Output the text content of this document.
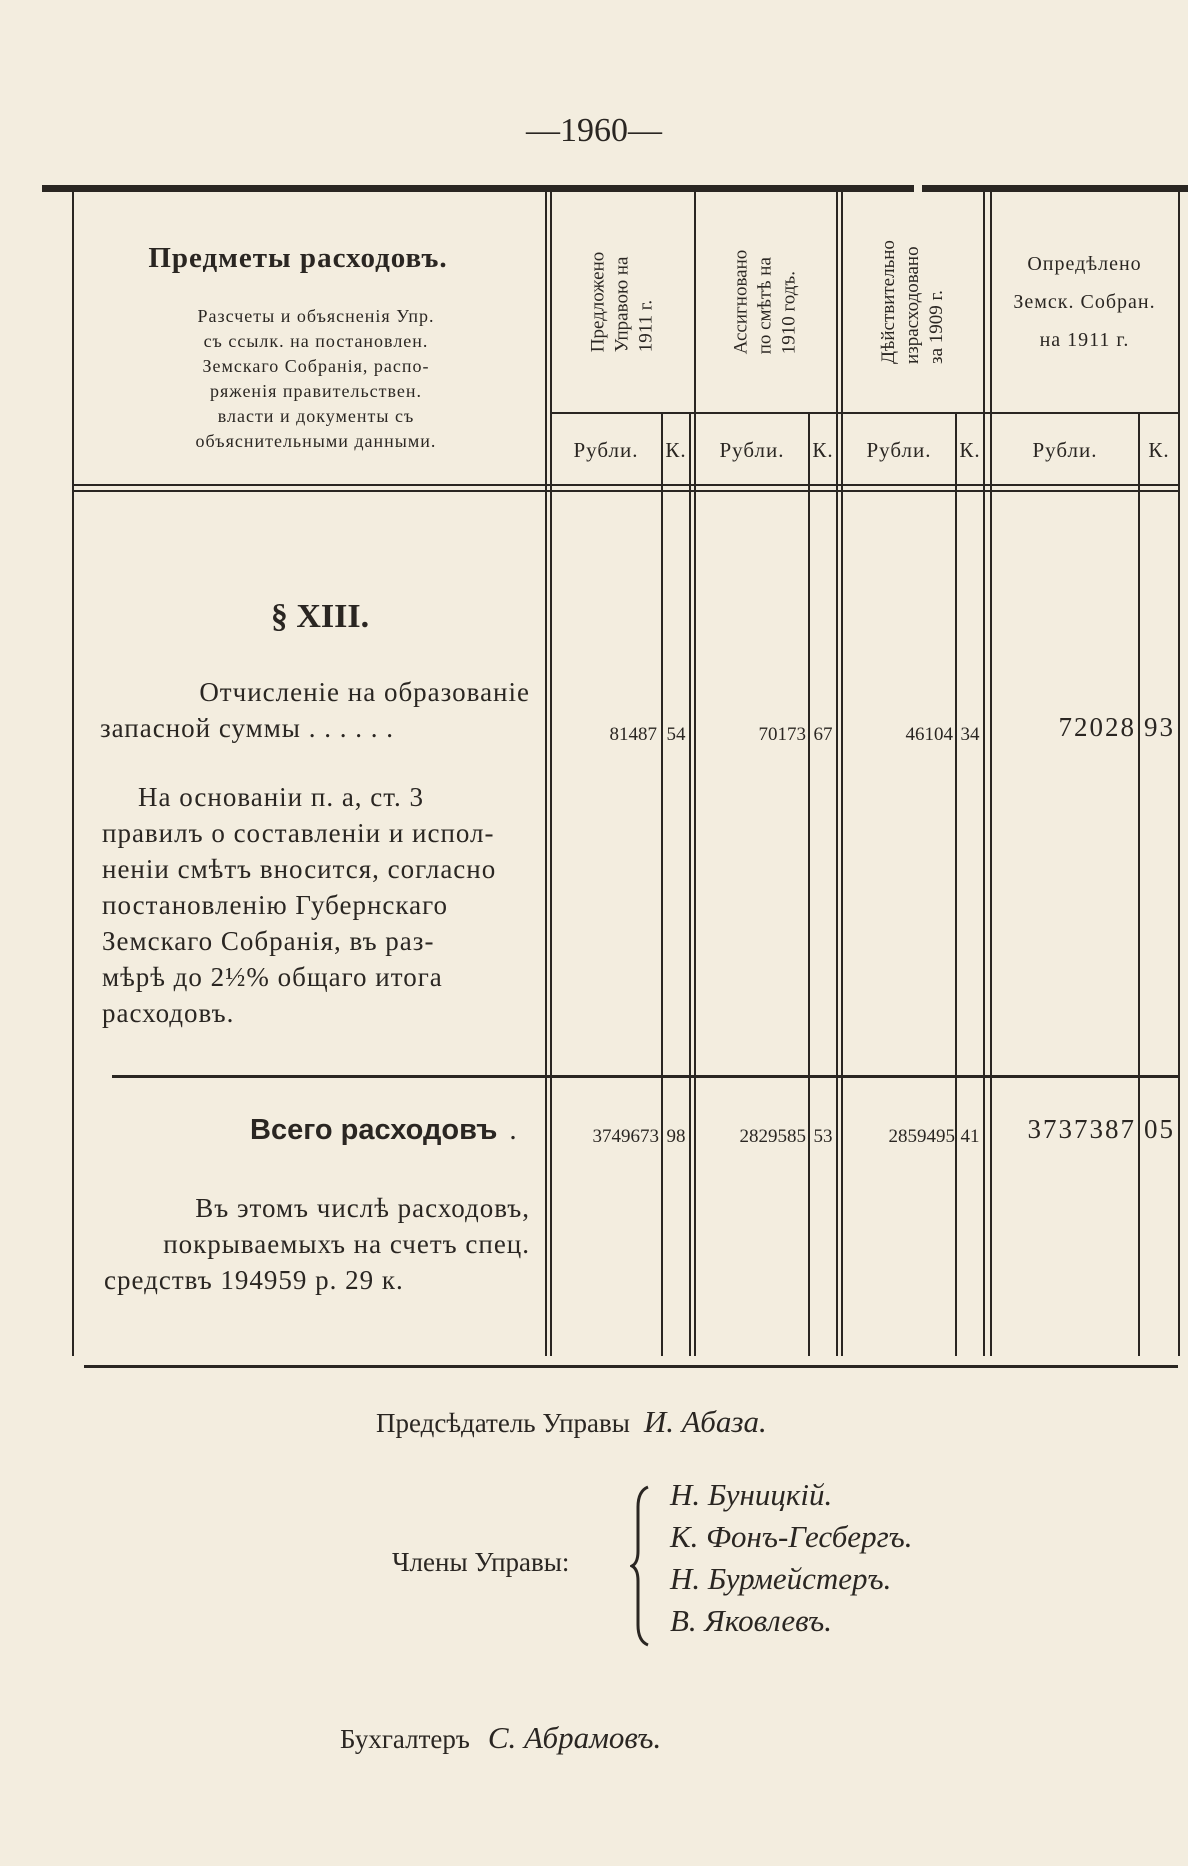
—1960—
Предметы расходовъ.
Разсчеты и объясненія Упр.
съ ссылк. на постановлен.
Земскаго Собранія, распо-
ряженія правительствен.
власти и документы съ
объяснительными данными.
Предложено Управою на 1911 г.	Ассигновано по смѣтѣ на 1910 годъ.	Дѣйствительно израсходовано за 1909 г.
Опредѣлено
Земск. Собран.
на 1911 г.
Рубли.	К.	Рубли.	К.	Рубли.	К.	Рубли.	К.
§ XIII.
Отчисленіе на образованіе
запасной суммы . . . . . .
На основаніи п. а, ст. 3
правилъ о составленіи и испол-
неніи смѣтъ вносится, согласно
постановленію Губернскаго
Земскаго Собранія, въ раз-
мѣрѣ до 2½% общаго итога
расходовъ.
81487 54	70173 67	46104 34	72028 93
Всего расходовъ .	3749673 98	2829585 53	2859495 41	3737387 05
Въ этомъ числѣ расходовъ,
покрываемыхъ на счетъ спец.
средствъ 194959 р. 29 к.
Предсѣдатель Управы И. Абаза.
Члены Управы:
Н. Буницкій.
К. Фонъ-Гесбергъ.
Н. Бурмейстеръ.
В. Яковлевъ.
Бухгалтеръ С. Абрамовъ.
